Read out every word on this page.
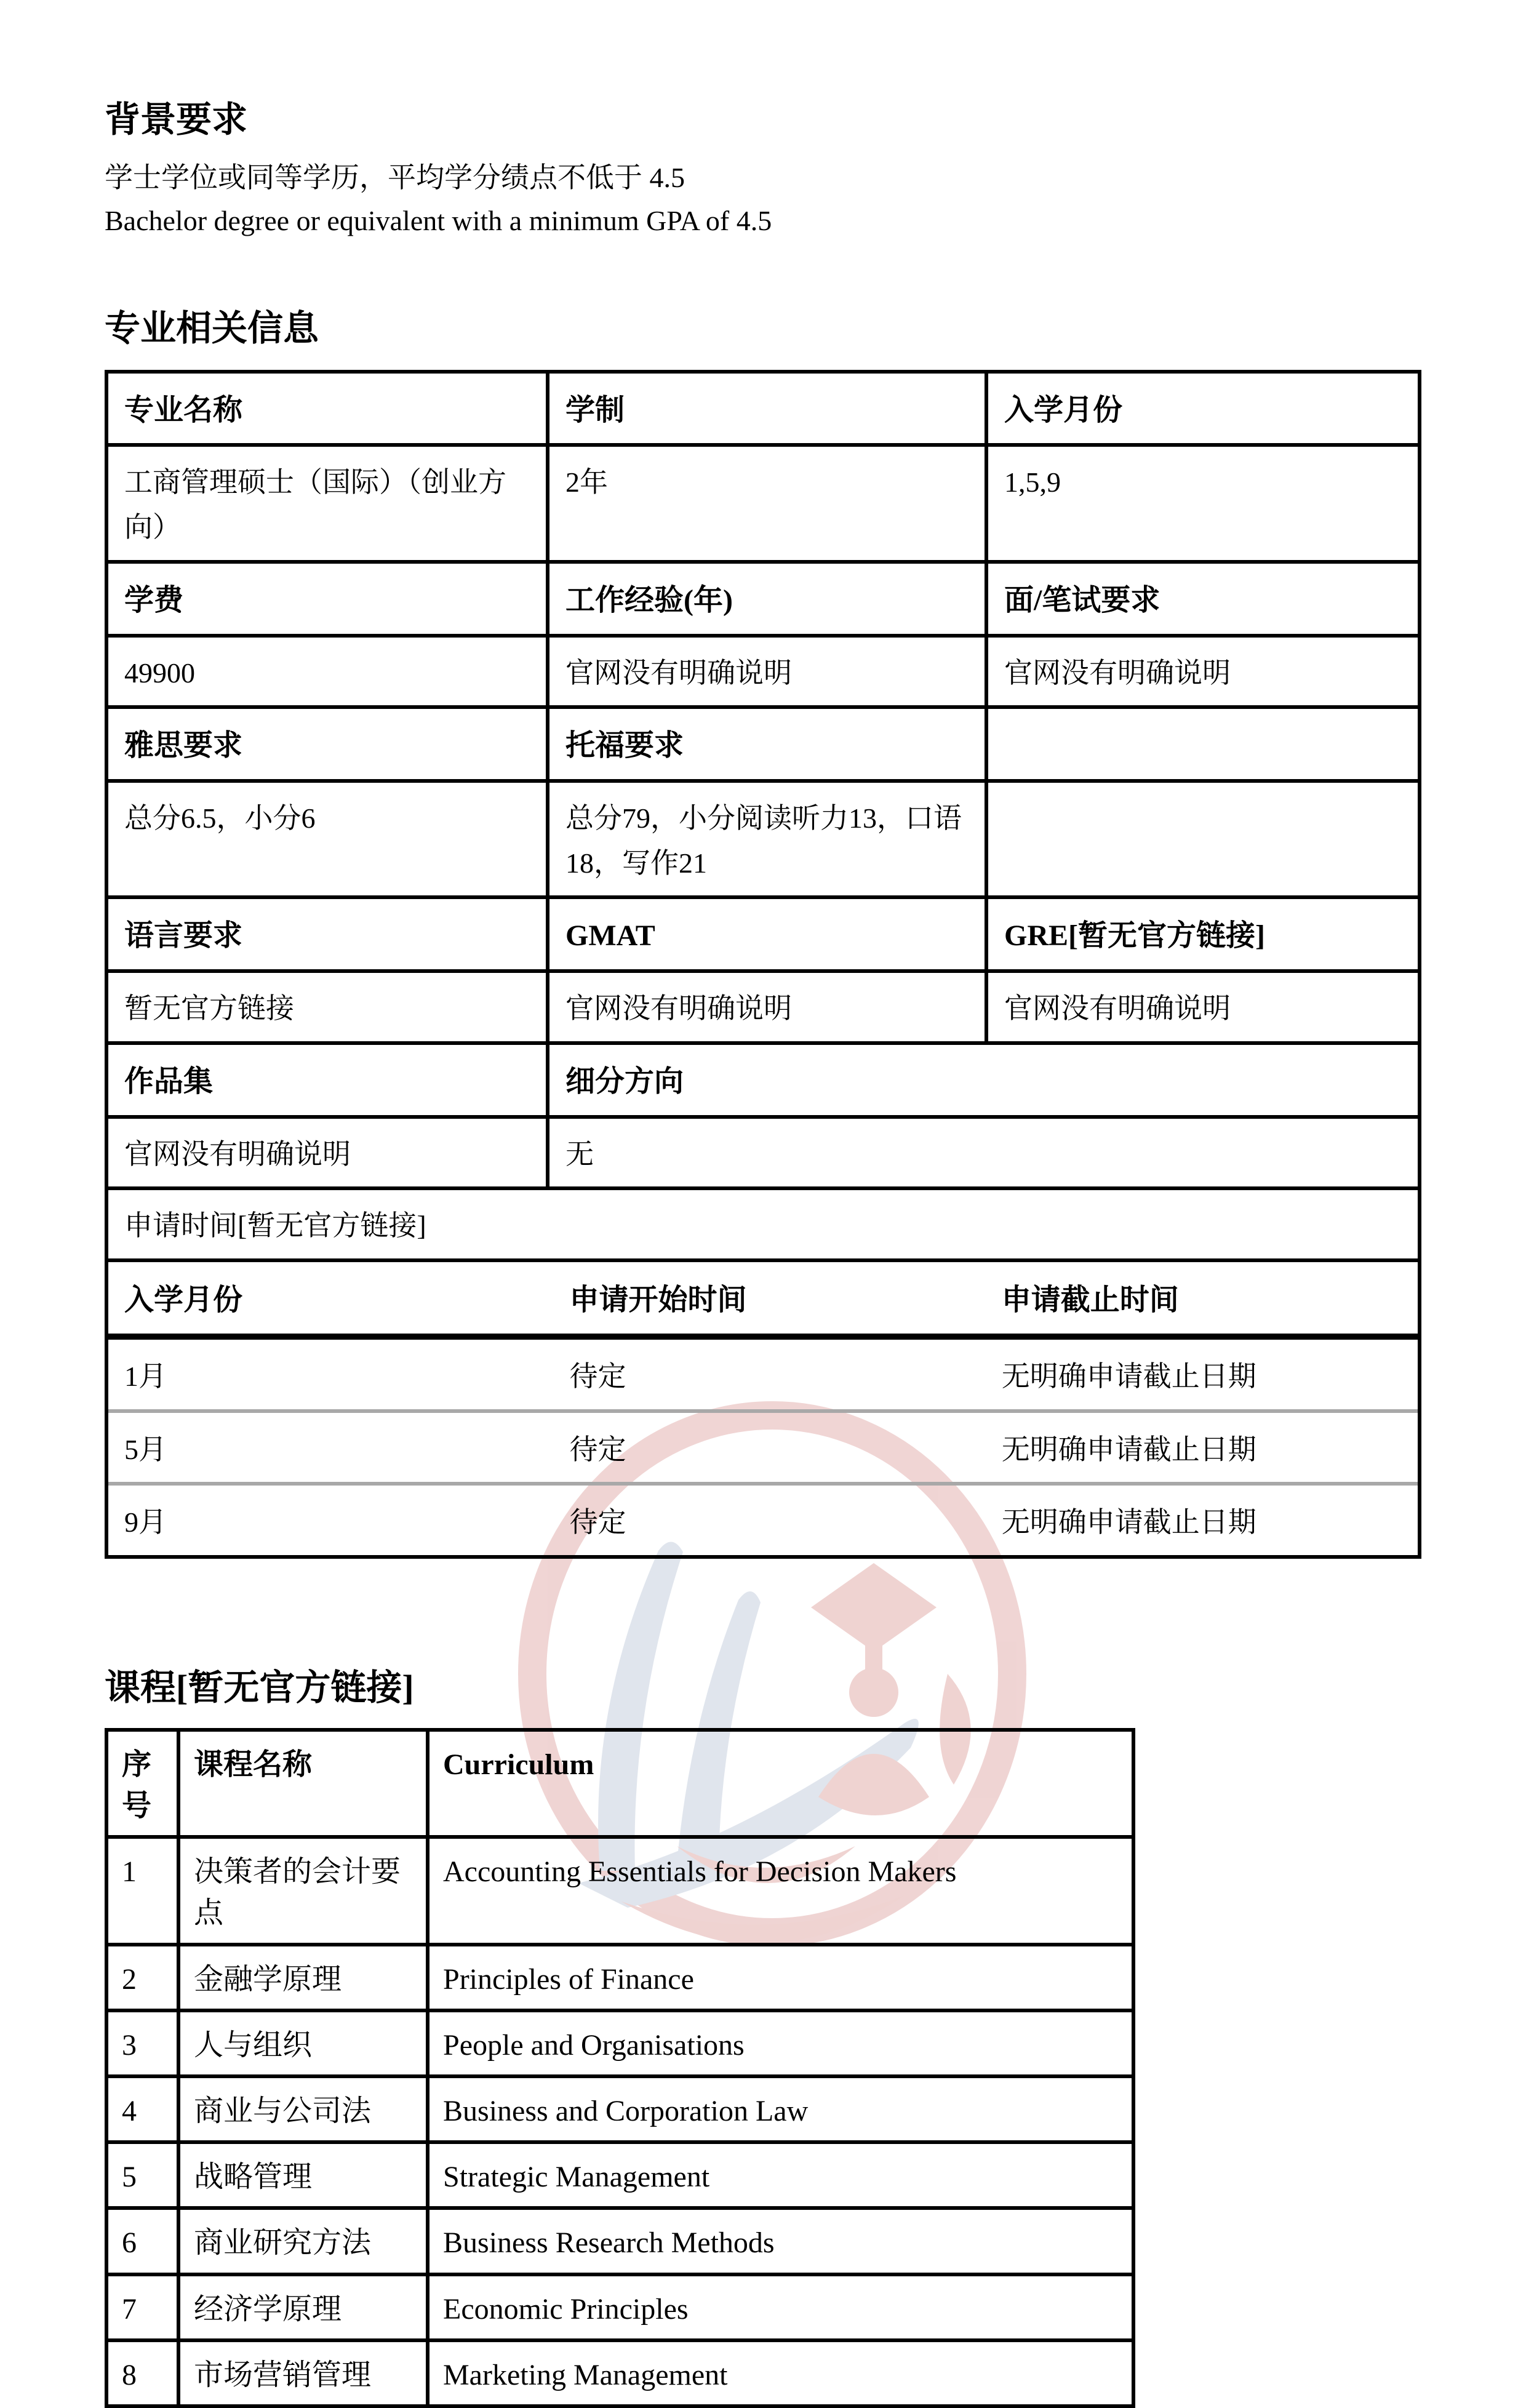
背景要求

学士学位或同等学历，平均学分绩点不低于 4.5

Bachelor degree or equivalent with a minimum GPA of 4.5

专业相关信息
专业名称	学制	入学月份
工商管理硕士（国际）（创业方向）	2年	1,5,9
学费	工作经验(年)	面/笔试要求
49900	官网没有明确说明	官网没有明确说明
雅思要求	托福要求	
总分6.5，小分6	总分79，小分阅读听力13，口语18，写作21	
语言要求	GMAT	GRE[暂无官方链接]
暂无官方链接	官网没有明确说明	官网没有明确说明
作品集	细分方向
官网没有明确说明	无
申请时间[暂无官方链接]

入学月份	申请开始时间	申请截止时间
1月	待定	无明确申请截止日期
5月	待定	无明确申请截止日期
9月	待定	无明确申请截止日期
课程[暂无官方链接]
序号	课程名称	Curriculum
1	决策者的会计要点	Accounting Essentials for Decision Makers
2	金融学原理	Principles of Finance
3	人与组织	People and Organisations
4	商业与公司法	Business and Corporation Law
5	战略管理	Strategic Management
6	商业研究方法	Business Research Methods
7	经济学原理	Economic Principles
8	市场营销管理	Marketing Management
